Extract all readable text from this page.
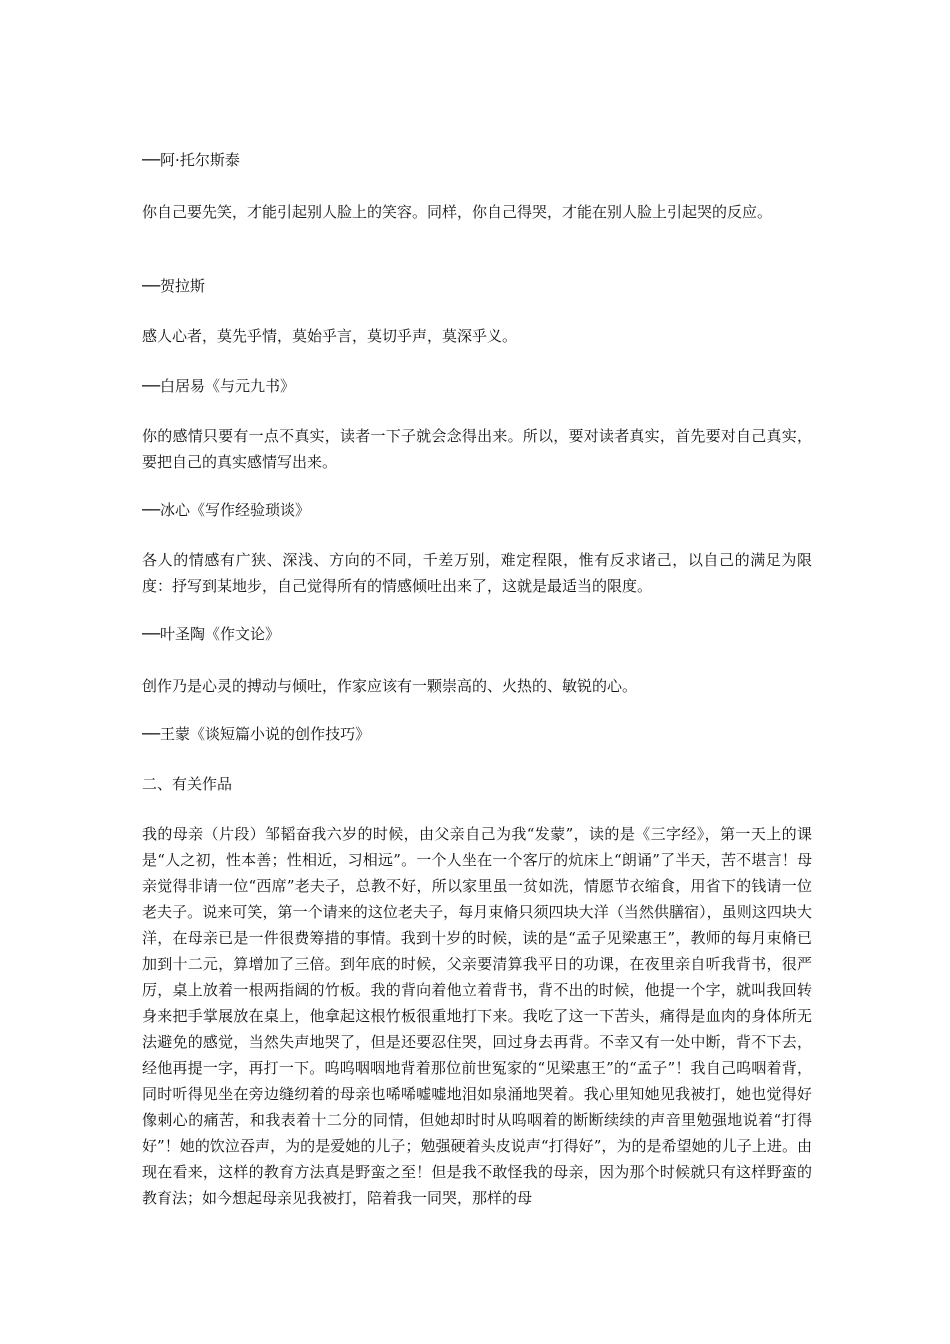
──阿·托尔斯泰
你自己要先笑，才能引起别人脸上的笑容。同样，你自己得哭，才能在别人脸上引起哭的反应。
──贺拉斯
感人心者，莫先乎情，莫始乎言，莫切乎声，莫深乎义。
──白居易《与元九书》
你的感情只要有一点不真实，读者一下子就会念得出来。所以，要对读者真实，首先要对自己真实，要把自己的真实感情写出来。
──冰心《写作经验琐谈》
各人的情感有广狭、深浅、方向的不同，千差万别，难定程限，惟有反求诸己，以自己的满足为限度：抒写到某地步，自己觉得所有的情感倾吐出来了，这就是最适当的限度。
──叶圣陶《作文论》
创作乃是心灵的搏动与倾吐，作家应该有一颗崇高的、火热的、敏锐的心。
──王蒙《谈短篇小说的创作技巧》
二、有关作品
我的母亲（片段）邹韬奋我六岁的时候，由父亲自己为我“发蒙”，读的是《三字经》，第一天上的课是“人之初，性本善；性相近，习相远”。一个人坐在一个客厅的炕床上“朗诵”了半天，苦不堪言！母亲觉得非请一位“西席”老夫子，总教不好，所以家里虽一贫如洗，情愿节衣缩食，用省下的钱请一位老夫子。说来可笑，第一个请来的这位老夫子，每月束脩只须四块大洋（当然供膳宿），虽则这四块大洋，在母亲已是一件很费筹措的事情。我到十岁的时候，读的是“孟子见梁惠王”，教师的每月束脩已加到十二元，算增加了三倍。到年底的时候，父亲要清算我平日的功课，在夜里亲自听我背书，很严厉，桌上放着一根两指阔的竹板。我的背向着他立着背书，背不出的时候，他提一个字，就叫我回转身来把手掌展放在桌上，他拿起这根竹板很重地打下来。我吃了这一下苦头，痛得是血肉的身体所无法避免的感觉，当然失声地哭了，但是还要忍住哭，回过身去再背。不幸又有一处中断，背不下去，经他再提一字，再打一下。呜呜咽咽地背着那位前世冤家的“见梁惠王”的“孟子”！我自己呜咽着背，同时听得见坐在旁边缝纫着的母亲也唏唏嘘嘘地泪如泉涌地哭着。我心里知她见我被打，她也觉得好像刺心的痛苦，和我表着十二分的同情，但她却时时从呜咽着的断断续续的声音里勉强地说着“打得好”！她的饮泣吞声，为的是爱她的儿子；勉强硬着头皮说声“打得好”，为的是希望她的儿子上进。由现在看来，这样的教育方法真是野蛮之至！但是我不敢怪我的母亲，因为那个时候就只有这样野蛮的教育法；如今想起母亲见我被打，陪着我一同哭，那样的母
